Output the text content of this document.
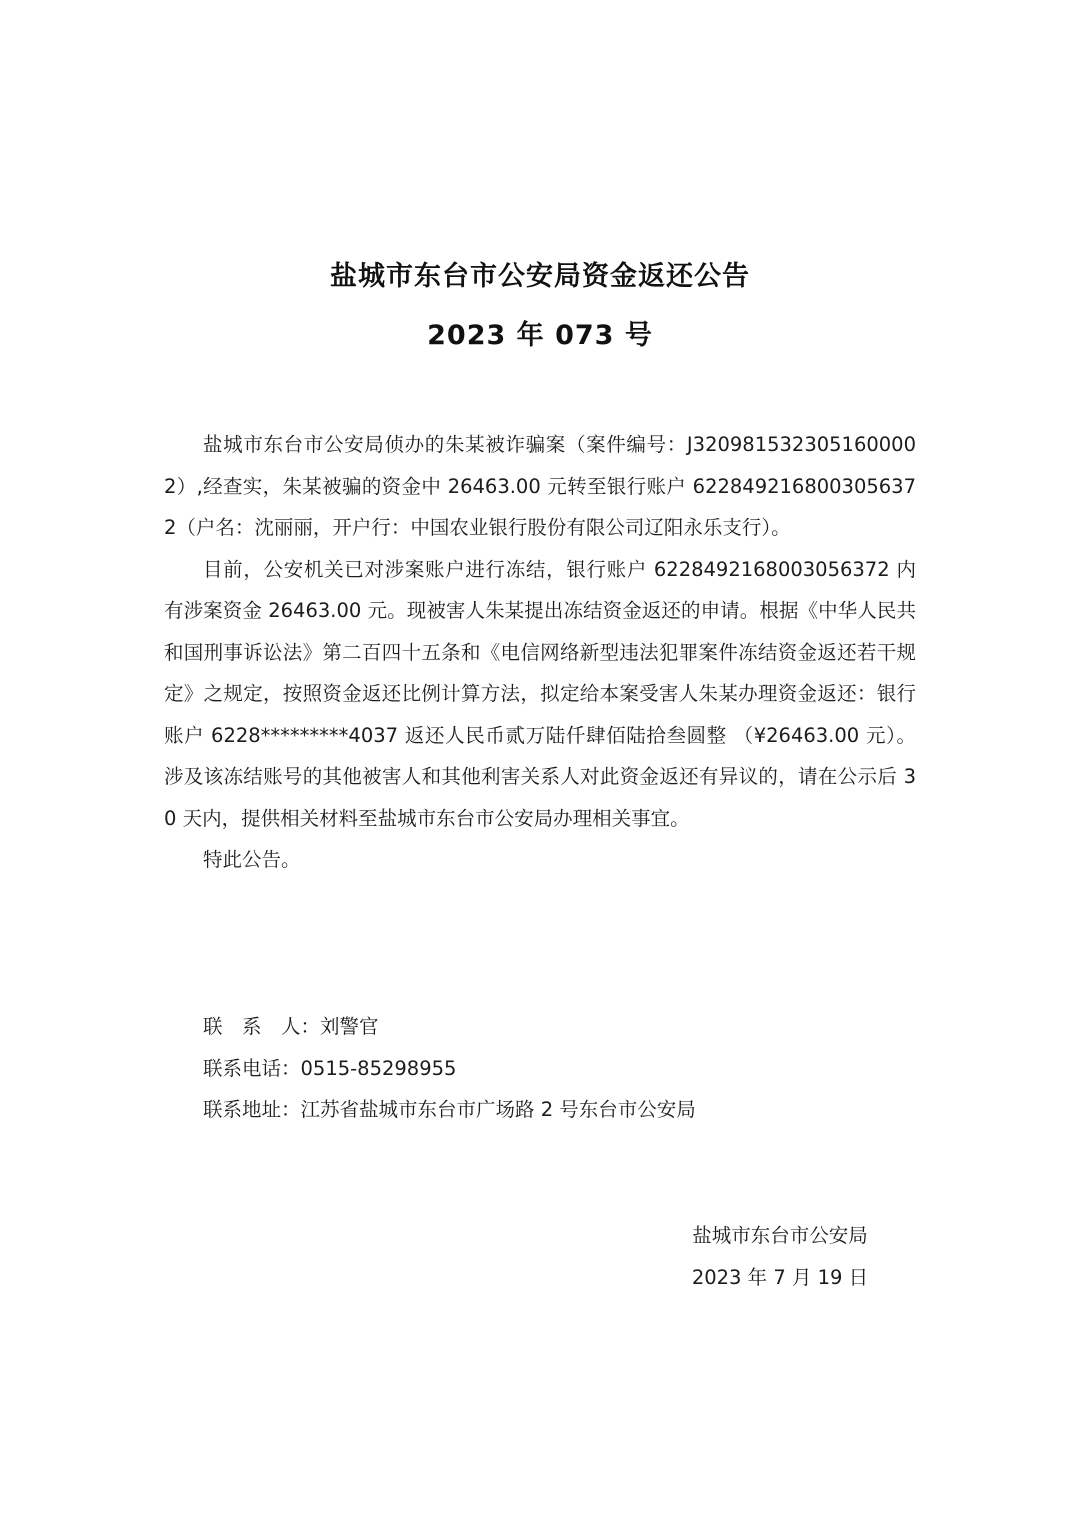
盐城市东台市公安局资金返还公告
2023 年 073 号

盐城市东台市公安局侦办的朱某被诈骗案（案件编号：J3209815323051600002）,经查实，朱某被骗的资金中 26463.00 元转至银行账户 6228492168003056372（户名：沈丽丽，开户行：中国农业银行股份有限公司辽阳永乐支行）。

目前，公安机关已对涉案账户进行冻结，银行账户 6228492168003056372 内有涉案资金 26463.00 元。现被害人朱某提出冻结资金返还的申请。根据《中华人民共和国刑事诉讼法》第二百四十五条和《电信网络新型违法犯罪案件冻结资金返还若干规定》之规定，按照资金返还比例计算方法，拟定给本案受害人朱某办理资金返还：银行账户 6228*********4037 返还人民币贰万陆仟肆佰陆拾叁圆整 （¥26463.00 元）。涉及该冻结账号的其他被害人和其他利害关系人对此资金返还有异议的，请在公示后 30 天内，提供相关材料至盐城市东台市公安局办理相关事宜。

特此公告。

联　系　人：刘警官
联系电话：0515-85298955
联系地址：江苏省盐城市东台市广场路 2 号东台市公安局
盐城市东台市公安局
2023 年 7 月 19 日
